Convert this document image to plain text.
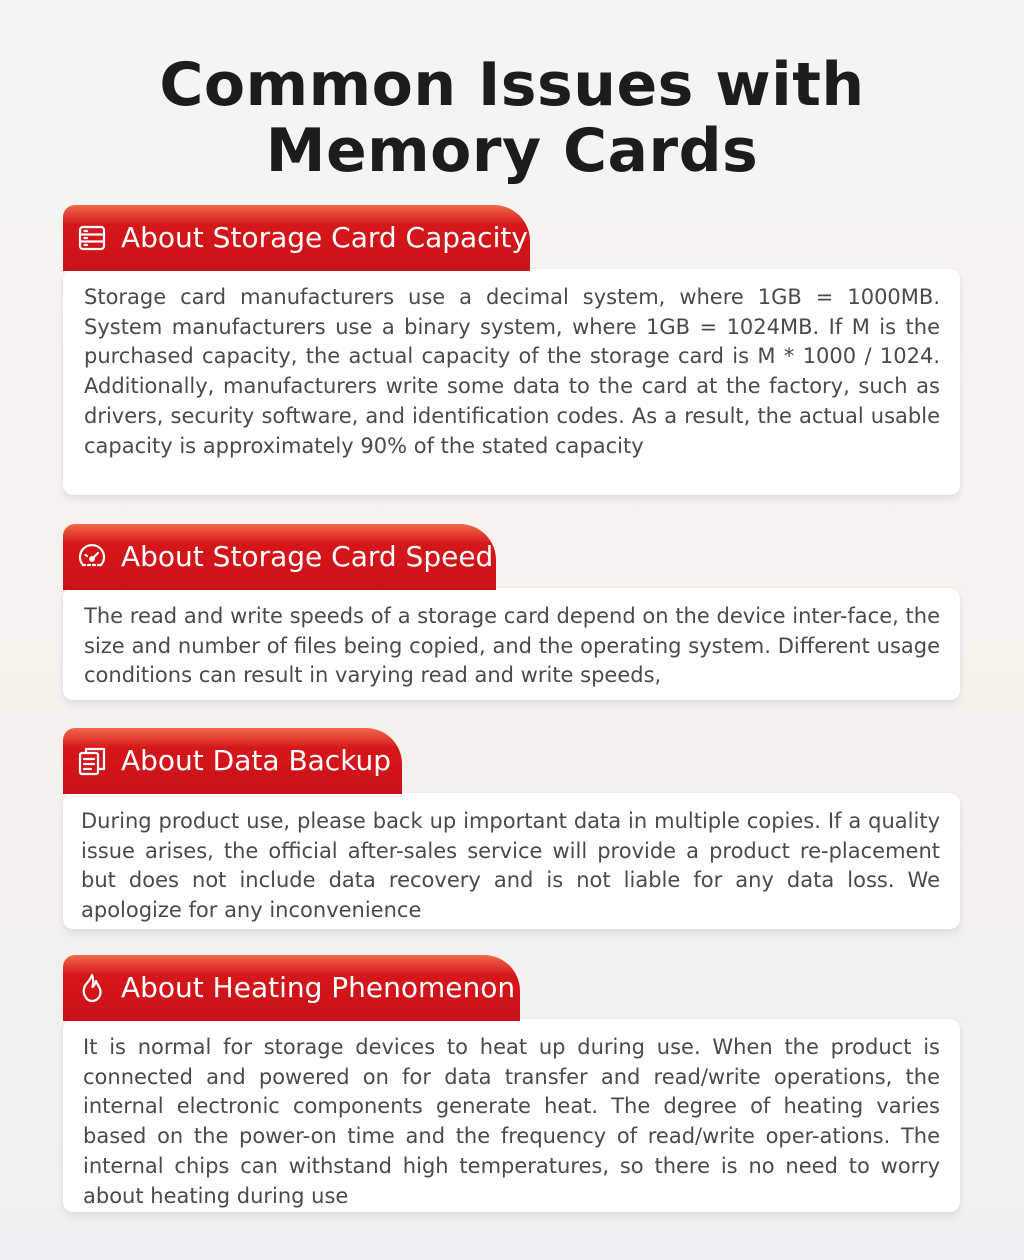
Common Issues with
Memory Cards
Storage card manufacturers use a decimal system, where 1GB = 1000MB. System manufacturers use a binary system, where 1GB = 1024MB. If M is the purchased capacity, the actual capacity of the storage card is M * 1000 / 1024. Additionally, manufacturers write some data to the card at the factory, such as drivers, security software, and identification codes. As a result, the actual usable capacity is approximately 90% of the stated capacity
About Storage Card Capacity
The read and write speeds of a storage card depend on the device inter-face, the size and number of files being copied, and the operating system. Different usage conditions can result in varying read and write speeds,
About Storage Card Speed
During product use, please back up important data in multiple copies. If a quality issue arises, the official after-sales service will provide a product re-placement but does not include data recovery and is not liable for any data loss. We apologize for any inconvenience
About Data Backup
It is normal for storage devices to heat up during use. When the product is connected and powered on for data transfer and read/write operations, the internal electronic components generate heat. The degree of heating varies based on the power-on time and the frequency of read/write oper-ations. The internal chips can withstand high temperatures, so there is no need to worry about heating during use
About Heating Phenomenon
